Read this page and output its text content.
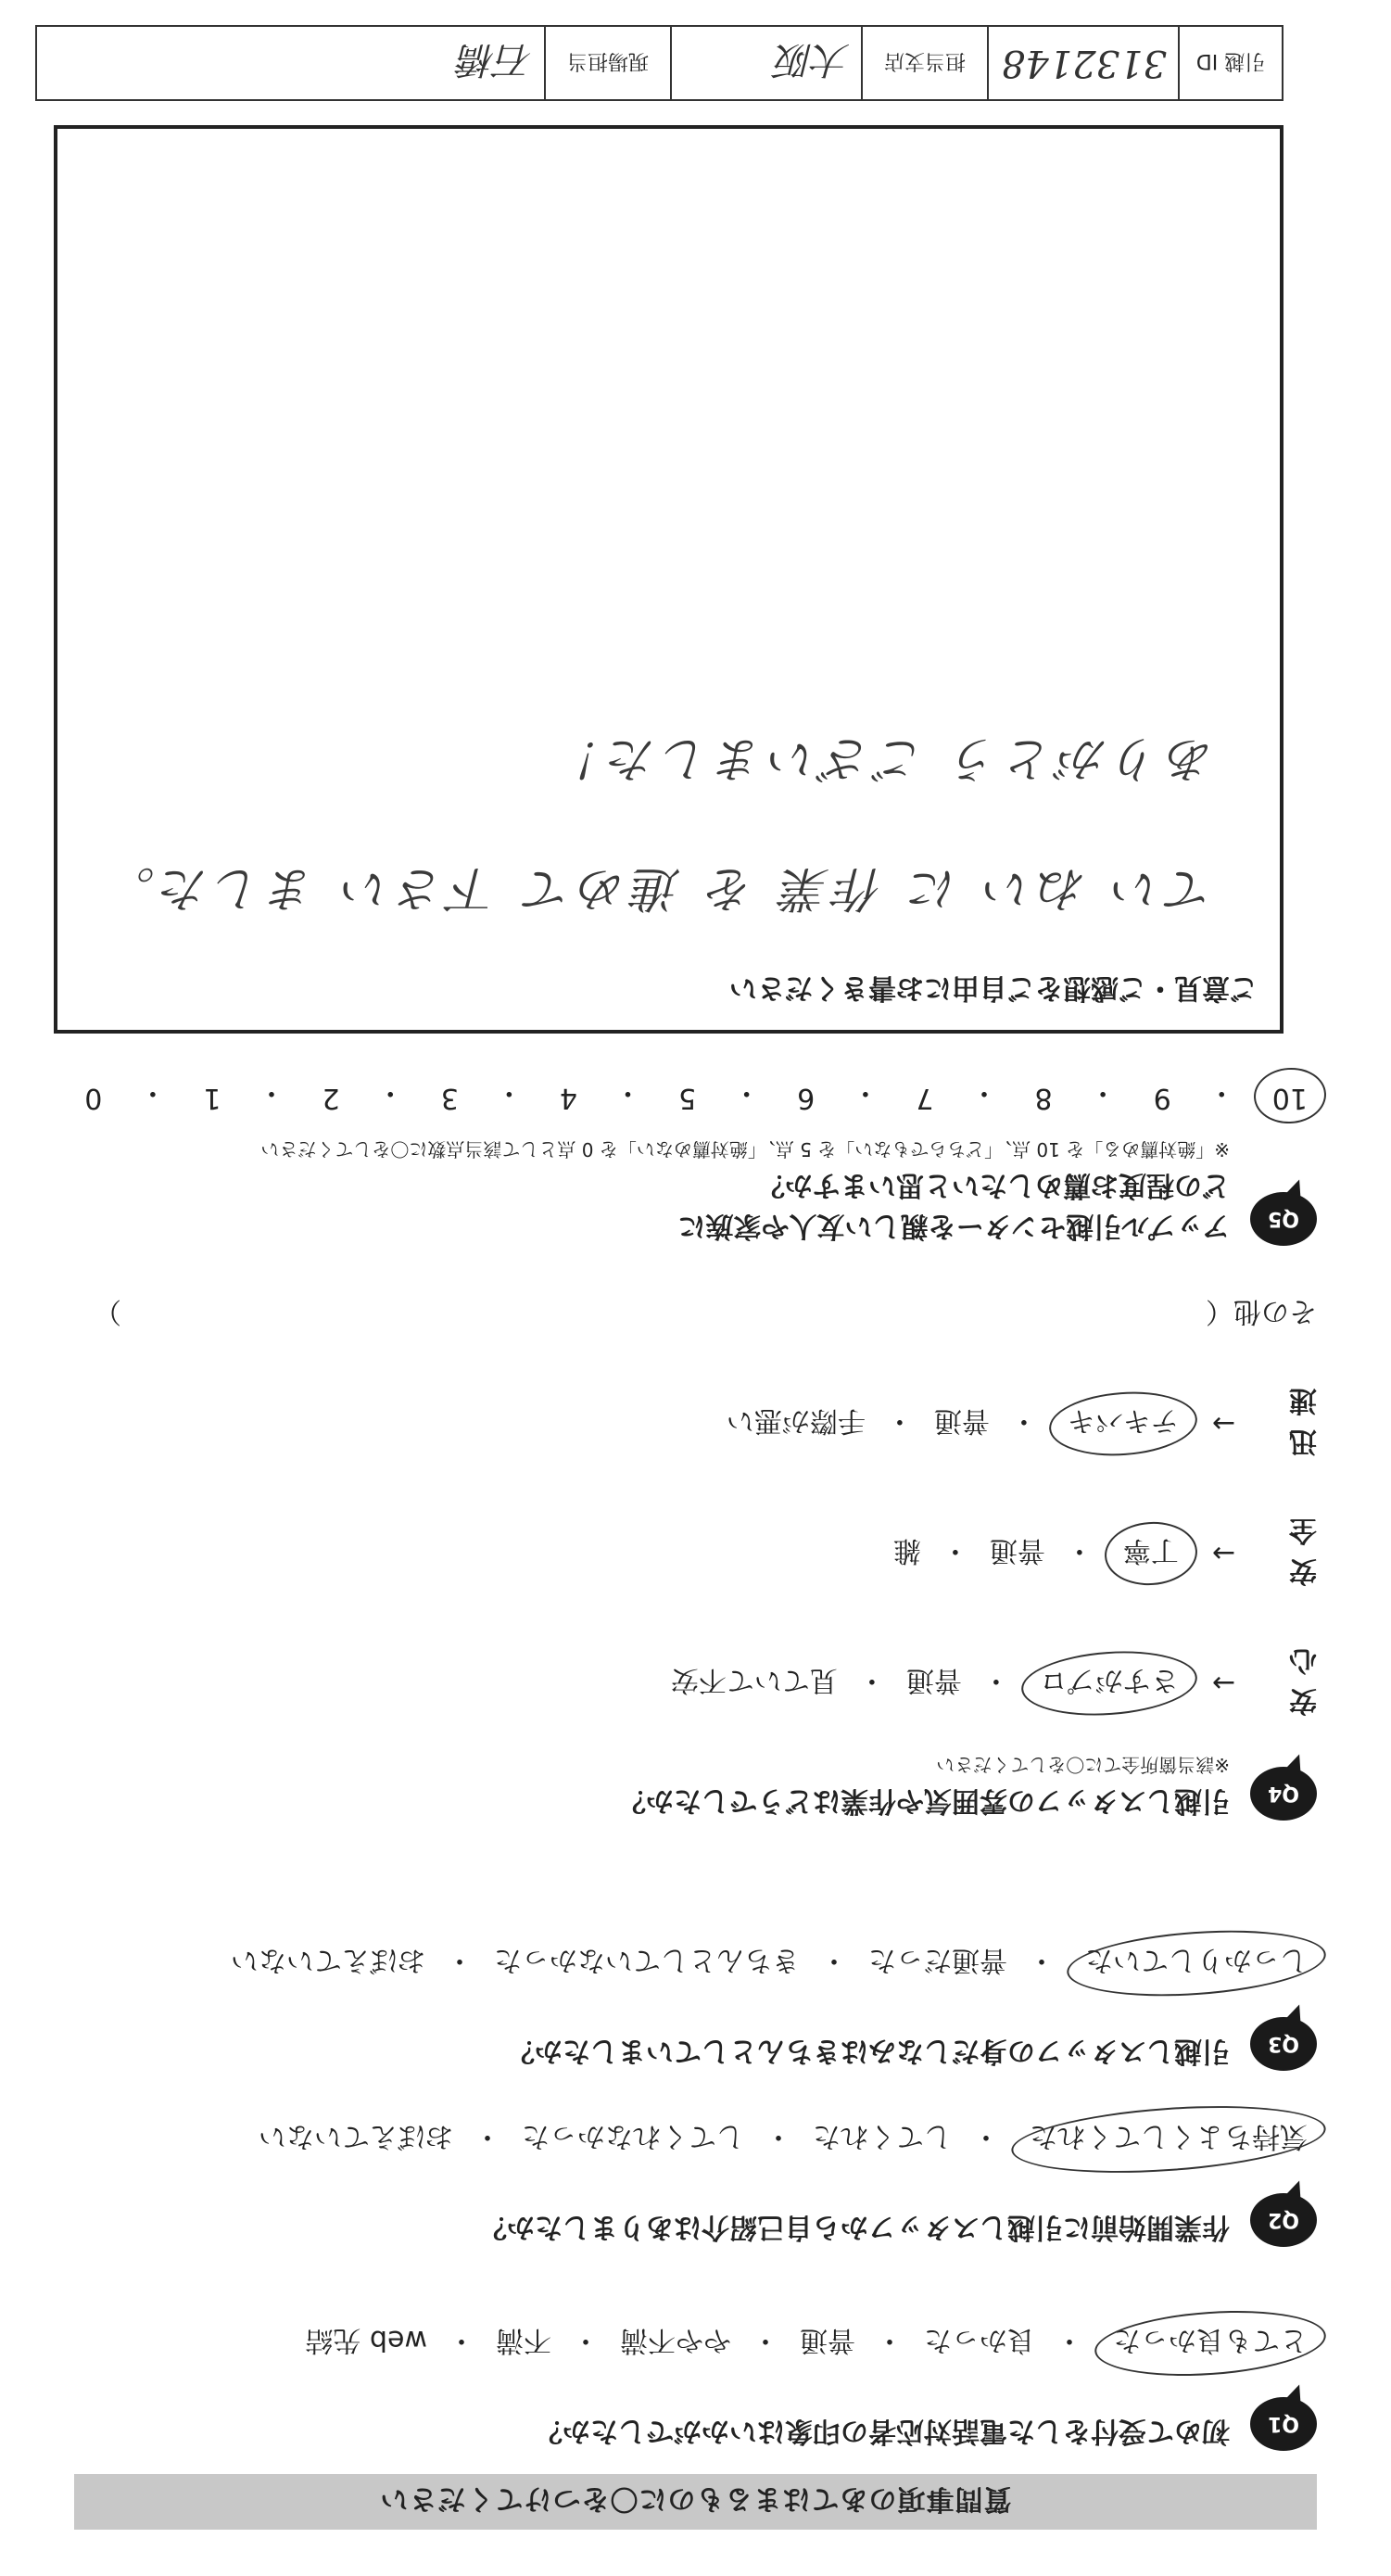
質問事項のあてはまるものに〇をつけてください
Q1
初めて受付をした電話対応者の印象はいかがでしたか？
とても良かった
・
良かった
・
普通
・
やや不満
・
不満
・
web 先結
Q2
作業開始前に引越しスタッフから自己紹介はありましたか？
気持ちよくしてくれた
・
してくれた
・
してくれなかった
・
おぼえていない
Q3
引越しスタッフの身だしなみはきちんとしていましたか？
しっかりしていた
・
普通だった
・
きちんとしていなかった
・
おぼえていない
Q4
引越しスタッフの雰囲気や作業はどうでしたか？
※該当箇所全てに〇をしてください
安心
→
さすがプロ
・
普通
・
見ていて不安
安全
→
丁寧
・
普通
・
雑
迅速
→
テキパキ
・
普通
・
手際が悪い
その他（
）
Q5
アップル引越センターを親しい友人や家族に
どの程度お薦めしたいと思いますか？
※「絶対薦める」を 10 点、「どちらでもない」を 5 点、「絶対薦めない」を 0 点として該当点数に〇をしてください
10
・
9
・
8
・
7
・
6
・
5
・
4
・
3
・
2
・
1
・
0
ご意見・ご感想をご自由にお書きください
てい ねい に 作業 を 進めて 下さい ました。
ありがとう ございました！
引越 ID
3132148
担当支店
大阪
現場担当
石橋
